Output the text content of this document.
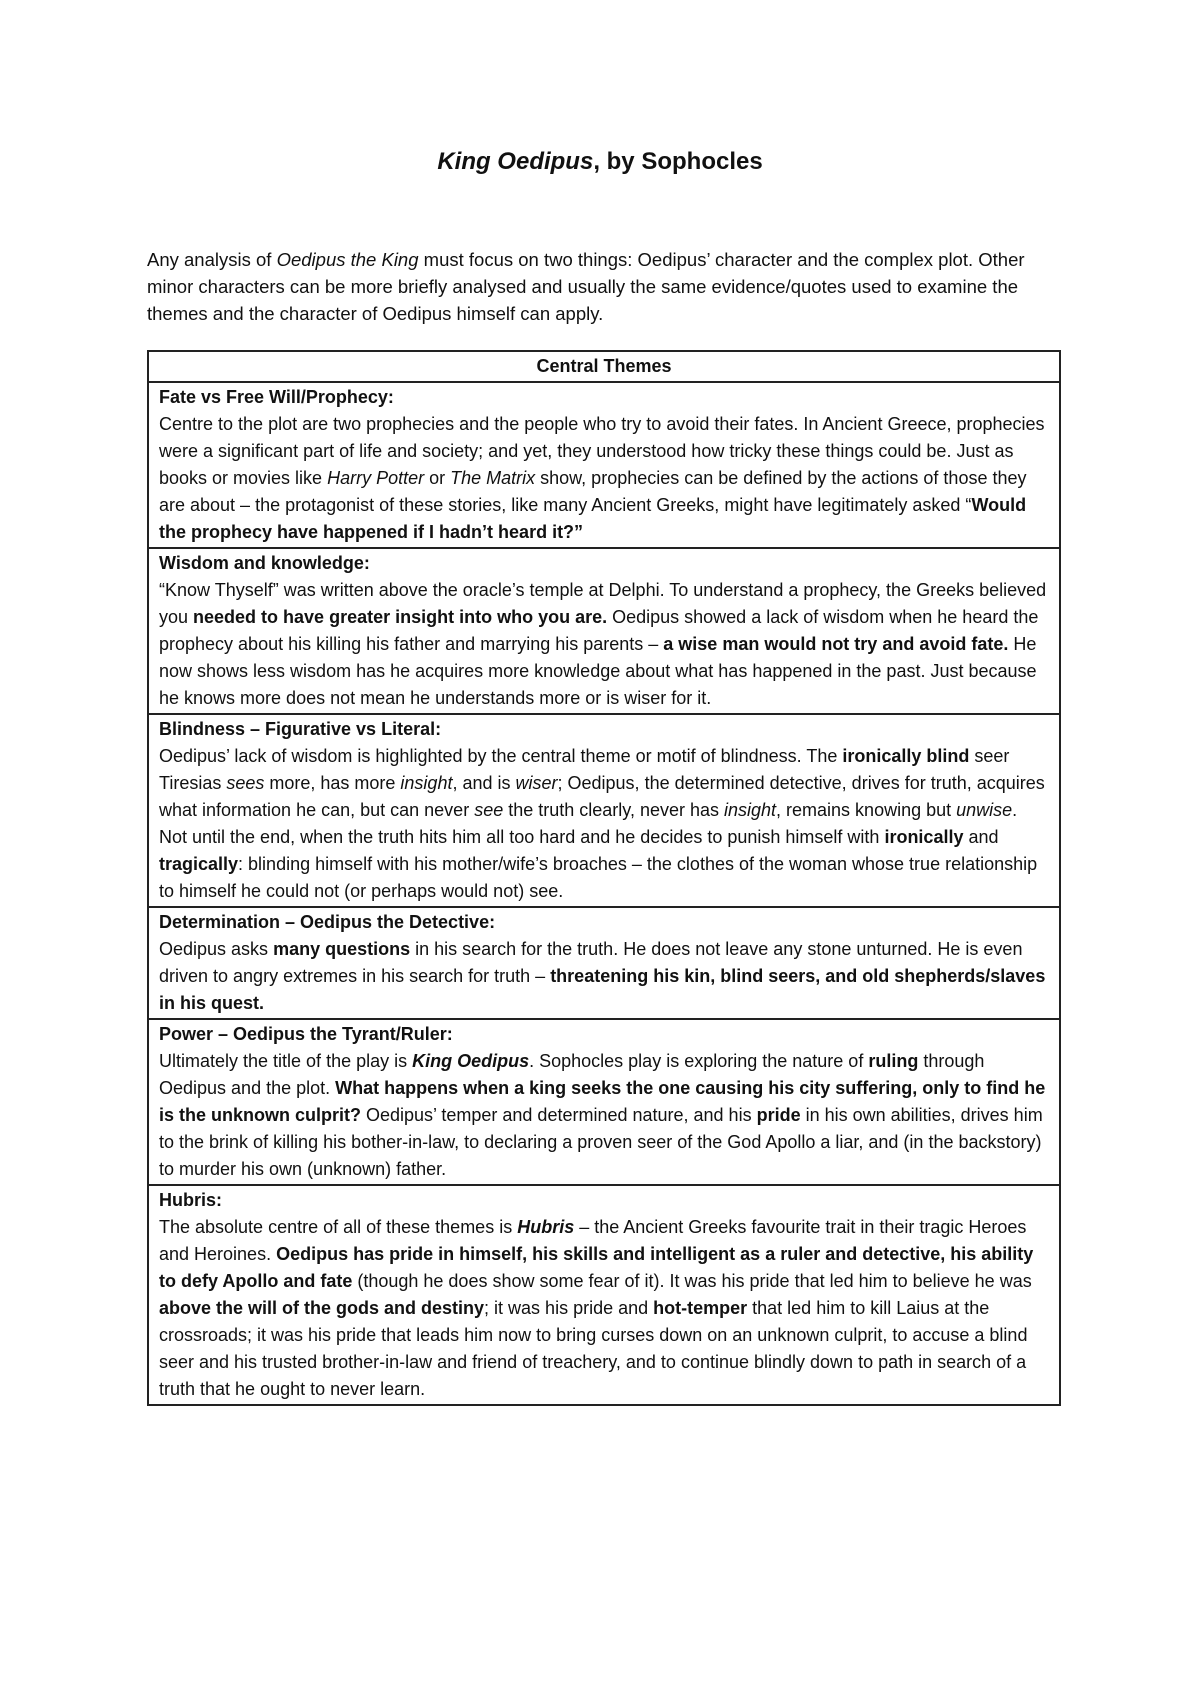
King Oedipus, by Sophocles
Any analysis of Oedipus the King must focus on two things: Oedipus’ character and the complex plot. Other minor characters can be more briefly analysed and usually the same evidence/quotes used to examine the themes and the character of Oedipus himself can apply.
Central Themes

Fate vs Free Will/Prophecy:
Centre to the plot are two prophecies and the people who try to avoid their fates. In Ancient Greece, prophecies were a significant part of life and society; and yet, they understood how tricky these things could be. Just as books or movies like Harry Potter or The Matrix show, prophecies can be defined by the actions of those they are about – the protagonist of these stories, like many Ancient Greeks, might have legitimately asked “Would the prophecy have happened if I hadn’t heard it?”

Wisdom and knowledge:
“Know Thyself” was written above the oracle’s temple at Delphi. To understand a prophecy, the Greeks believed you needed to have greater insight into who you are. Oedipus showed a lack of wisdom when he heard the prophecy about his killing his father and marrying his parents – a wise man would not try and avoid fate. He now shows less wisdom has he acquires more knowledge about what has happened in the past. Just because he knows more does not mean he understands more or is wiser for it.

Blindness – Figurative vs Literal:
Oedipus’ lack of wisdom is highlighted by the central theme or motif of blindness. The ironically blind seer Tiresias sees more, has more insight, and is wiser; Oedipus, the determined detective, drives for truth, acquires what information he can, but can never see the truth clearly, never has insight, remains knowing but unwise. Not until the end, when the truth hits him all too hard and he decides to punish himself with ironically and tragically: blinding himself with his mother/wife’s broaches – the clothes of the woman whose true relationship to himself he could not (or perhaps would not) see.

Determination – Oedipus the Detective:
Oedipus asks many questions in his search for the truth. He does not leave any stone unturned. He is even driven to angry extremes in his search for truth – threatening his kin, blind seers, and old shepherds/slaves in his quest.

Power – Oedipus the Tyrant/Ruler:
Ultimately the title of the play is King Oedipus. Sophocles play is exploring the nature of ruling through Oedipus and the plot. What happens when a king seeks the one causing his city suffering, only to find he is the unknown culprit? Oedipus’ temper and determined nature, and his pride in his own abilities, drives him to the brink of killing his bother-in-law, to declaring a proven seer of the God Apollo a liar, and (in the backstory) to murder his own (unknown) father.

Hubris:
The absolute centre of all of these themes is Hubris – the Ancient Greeks favourite trait in their tragic Heroes and Heroines. Oedipus has pride in himself, his skills and intelligent as a ruler and detective, his ability to defy Apollo and fate (though he does show some fear of it). It was his pride that led him to believe he was above the will of the gods and destiny; it was his pride and hot-temper that led him to kill Laius at the crossroads; it was his pride that leads him now to bring curses down on an unknown culprit, to accuse a blind seer and his trusted brother-in-law and friend of treachery, and to continue blindly down to path in search of a truth that he ought to never learn.
